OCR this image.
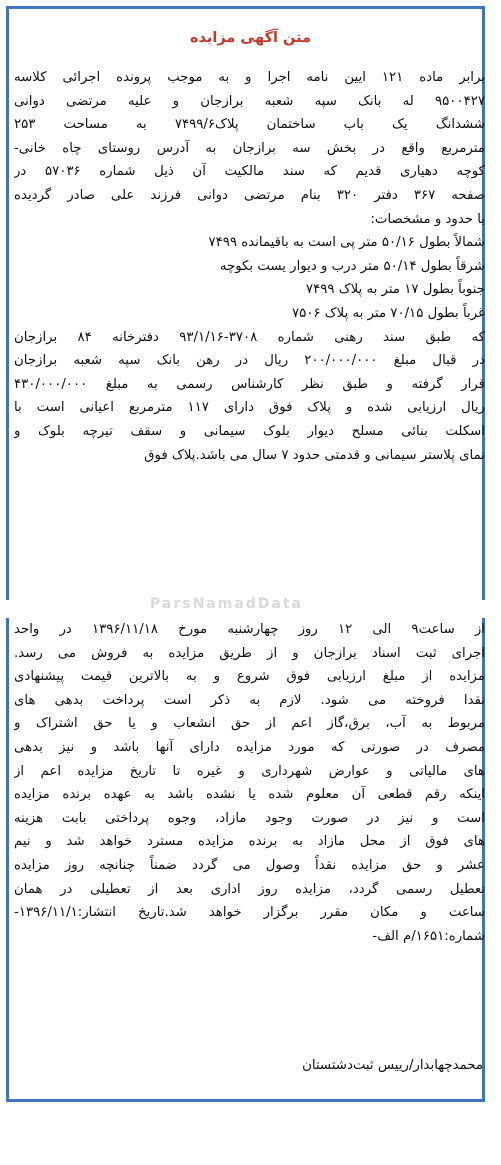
متن آگهی مزایده

برابر ماده ۱۲۱ ایین نامه اجرا و به موجب پرونده اجرائی کلاسه
۹۵۰۰۴۲۷ له بانک سپه شعبه برازجان و علیه مرتضی دوانی
ششدانگ یک باب ساختمان پلاک۷۴۹۹/۶ به مساحت ۲۵۳
مترمربع واقع در بخش سه برازجان به آدرس روستای چاه خانی-
کوچه دهیاری قدیم که سند مالکیت آن ذیل شماره ۵۷۰۳۶ در
صفحه ۳۶۷ دفتر ۳۲۰ بنام مرتضی دوانی فرزند علی صادر گردیده
با حدود و مشخصات:
شمالاً بطول ۵۰/۱۶ متر پی است به باقیمانده ۷۴۹۹
شرقاً بطول ۵۰/۱۴ متر درب و دیوار یست بکوچه
جنوباً بطول ۱۷ متر به پلاک ۷۴۹۹
غرباً بطول ۷۰/۱۵ متر به پلاک ۷۵۰۶
که طبق سند رهنی شماره ۳۷۰۸-۹۳/۱/۱۶ دفترخانه ۸۴ برازجان
در قبال مبلغ ۲۰۰/۰۰۰/۰۰۰ ریال در رهن بانک سپه شعبه برازجان
قرار گرفته و طبق نظر کارشناس رسمی به مبلغ ۴۳۰/۰۰۰/۰۰۰
ریال ارزیابی شده و پلاک فوق دارای ۱۱۷ مترمربع اعیانی است با
اسکلت بنائی مسلح دیوار بلوک سیمانی و سقف تیرچه بلوک و
نمای پلاستر سیمانی و قدمتی حدود ۷ سال می باشد.پلاک فوق

ParsNamadData

از ساعت۹ الی ۱۲ روز چهارشنبه مورخ ۱۳۹۶/۱۱/۱۸ در واحد
اجرای ثبت اسناد برازجان و از طریق مزایده به فروش می رسد.
مزایده از مبلغ ارزیابی فوق شروع و به بالاترین قیمت پیشنهادی
نقدا فروخته می شود. لازم به ذکر است پرداخت بدهی های
مربوط به آب، برق،گاز اعم از حق انشعاب و یا حق اشتراک و
مصرف در صورتی که مورد مزایده دارای آنها باشد و نیز بدهی
های مالیاتی و عوارض شهرداری و غیره تا تاریخ مزایده اعم از
اینکه رقم قطعی آن معلوم شده یا نشده باشد به عهده برنده مزایده
است و نیز در صورت وجود مازاد، وجوه پرداختی بابت هزینه
های فوق از محل مازاد به برنده مزایده مسترد خواهد شد و نیم
عشر و حق مزایده نقداً وصول می گردد ضمناً چنانچه روز مزایده
تعطیل رسمی گردد، مزایده روز اداری بعد از تعطیلی در همان
ساعت و مکان مقرر برگزار خواهد شد.تاریخ انتشار:۱۳۹۶/۱۱/۱-
شماره:۱۶۵۱/م الف-

محمدچهابدار/رییس ثبت‌دشتستان
